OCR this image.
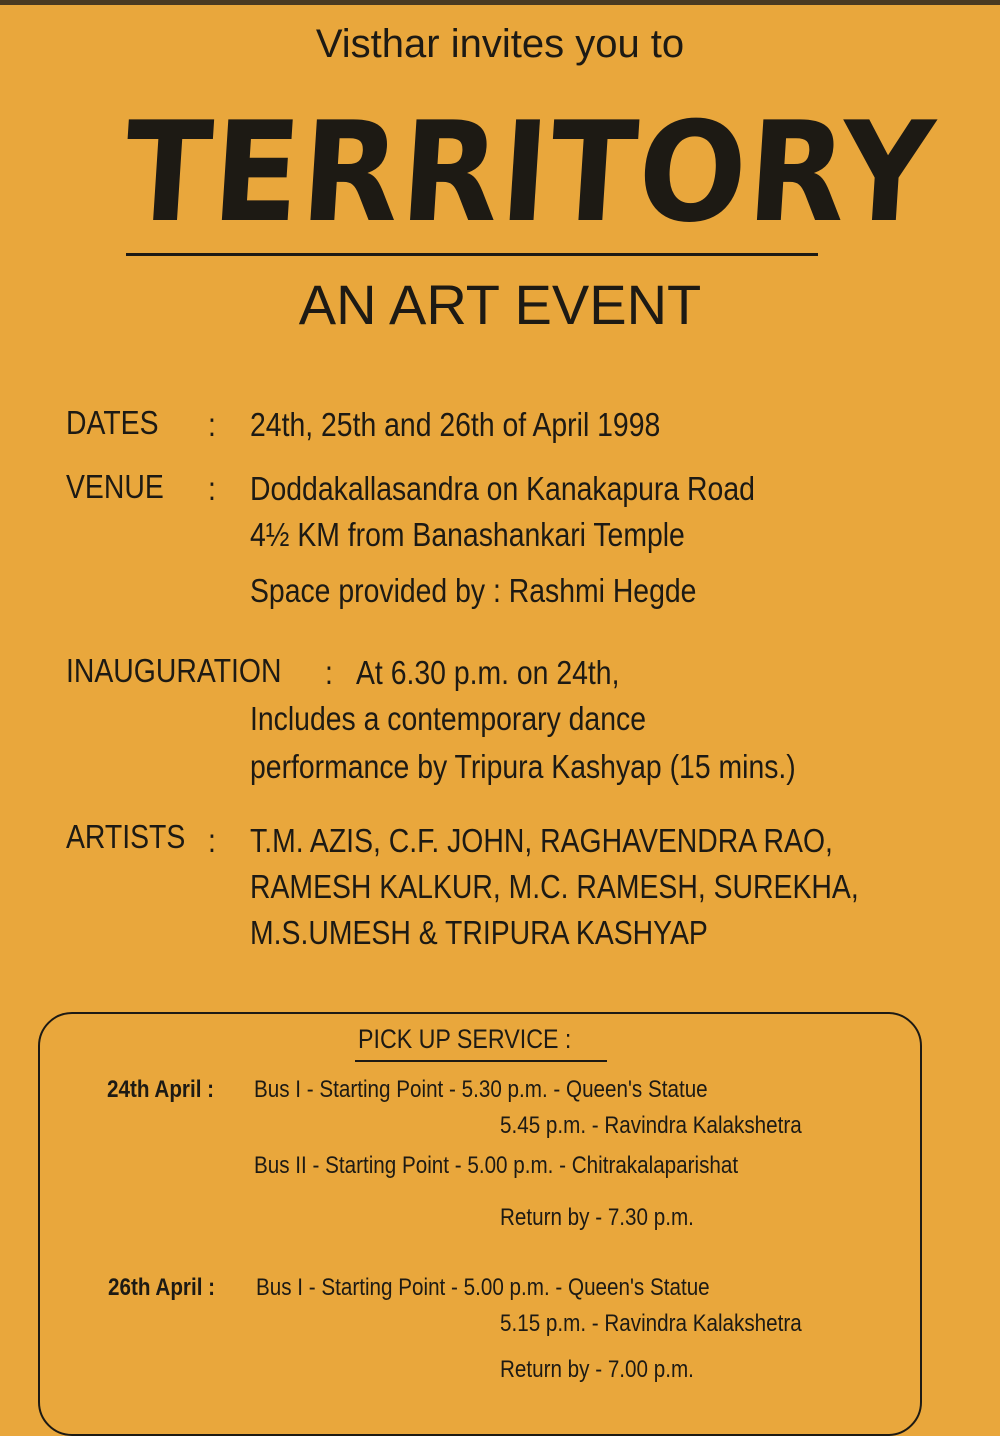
Visthar invites you to
TERRITORY
AN ART EVENT
DATES : 24th, 25th and 26th of April 1998
VENUE : Doddakallasandra on Kanakapura Road
4½ KM from Banashankari Temple
Space provided by : Rashmi Hegde
INAUGURATION : At 6.30 p.m. on 24th,
Includes a contemporary dance
performance by Tripura Kashyap (15 mins.)
ARTISTS : T.M. AZIS, C.F. JOHN, RAGHAVENDRA RAO,
RAMESH KALKUR, M.C. RAMESH, SUREKHA,
M.S.UMESH & TRIPURA KASHYAP
PICK UP SERVICE :
24th April : Bus I - Starting Point - 5.30 p.m. - Queen's Statue
5.45 p.m. - Ravindra Kalakshetra
Bus II - Starting Point - 5.00 p.m. - Chitrakalaparishat
Return by - 7.30 p.m.
26th April : Bus I - Starting Point - 5.00 p.m. - Queen's Statue
5.15 p.m. - Ravindra Kalakshetra
Return by - 7.00 p.m.
